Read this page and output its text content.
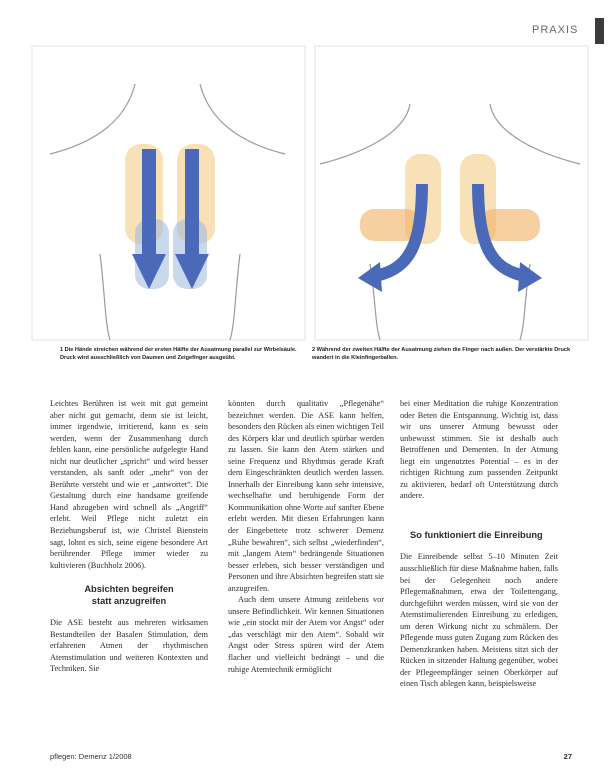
PRAXIS
1 Die Hände streichen während der ersten Hälfte der Ausatmung parallel zur Wirbelsäule. Druck wird ausschließlich von Daumen und Zeigefinger ausgeübt.
2 Während der zweiten Hälfte der Ausatmung ziehen die Finger nach außen. Der verstärkte Druck wandert in die Kleinfingerballen.

Leichtes Berühren ist weit mit gut gemeint aber nicht gut gemacht, denn sie ist leicht, immer irgendwie, irritierend, kann es sein werden, wenn der Zusammenhang durch fehlen kann, eine persönliche aufgelegte Hand nicht nur deutlicher „spricht“ und wird besser verstanden, als sanft oder „mehr“ von der Berührte versteht und wie er „antwortet“. Die Gestaltung durch eine handsame greifende Hand abzugeben wird schnell als „Angriff“ erlebt. Weil Pflege nicht zuletzt ein Beziehungsberuf ist, wie Christel Bienstein sagt, lohnt es sich, seine eigene besondere Art berührender Pflege immer wieder zu kultivieren (Buchholz 2006).

Absichten begreifen
statt anzugreifen

Die ASE besteht aus mehreren wirksamen Bestandteilen der Basalen Stimulation, dem erfahrenen Atmen der rhythmischen Atemstimulation und weiteren Kontexten und Techniken. Sie

könnten durch qualitativ „Pflegenähe“ bezeichnet werden. Die ASE kann helfen, besonders den Rücken als einen wichtigen Teil des Körpers klar und deutlich spürbar werden zu lassen. Sie kann den Atem stärken und seine Frequenz und Rhythmus gerade Kraft dem Eingeschränkten deutlich werden lassen. Innerhalb der Einreibung kann sehr intensive, wechselhafte und beruhigende Form der Kommunikation ohne Worte auf sanfter Ebene erlebt werden. Mit diesen Erfahrungen kann der Eingebettete trotz schwerer Demenz „Ruhe bewahren“, sich selbst „wiederfinden“, mit „langem Atem“ bedrängende Situationen besser erleben, sich besser verständigen und Personen und ihre Absichten begreifen statt sie anzugreifen.

Auch dem unsere Atmung zeitlebens vor unsere Befindlichkeit. Wir kennen Situationen wie „ein stockt mir der Atem vor Angst“ oder „das verschlägt mir den Atem“. Sobald wir Angst oder Stress spüren wird der Atem flacher und vielleicht bedrängt – und die ruhige Atemtechnik ermöglicht

bei einer Meditation die ruhige Konzentration oder Beten die Entspannung. Wichtig ist, dass wir uns unserer Atmung bewusst oder unbewusst stimmen. Sie ist deshalb auch Betroffenen und Dementen. In der Atmung liegt ein ungenutztes Potential – es in der richtigen Richtung zum passenden Zeitpunkt zu aktivieren, bedarf oft Unterstützung durch andere.

So funktioniert die Einreibung

Die Einreibende selbst 5–10 Minuten Zeit ausschließlich für diese Maßnahme haben, falls bei der Gelegenheit noch andere Pflegemaßnahmen, etwa der Toilettengang, durchgeführt werden müssen, wird sie von der Atemstimulierenden Einreibung zu erledigen, um deren Wirkung nicht zu schmälern. Der Pflegende muss guten Zugang zum Rücken des Demenzkranken haben. Meistens sitzt sich der Rücken in sitzender Haltung gegenüber, wobei der Pflegeempfänger seinen Oberkörper auf einen Tisch ablegen kann, beispielsweise

pflegen: Demenz 1/2008	27
